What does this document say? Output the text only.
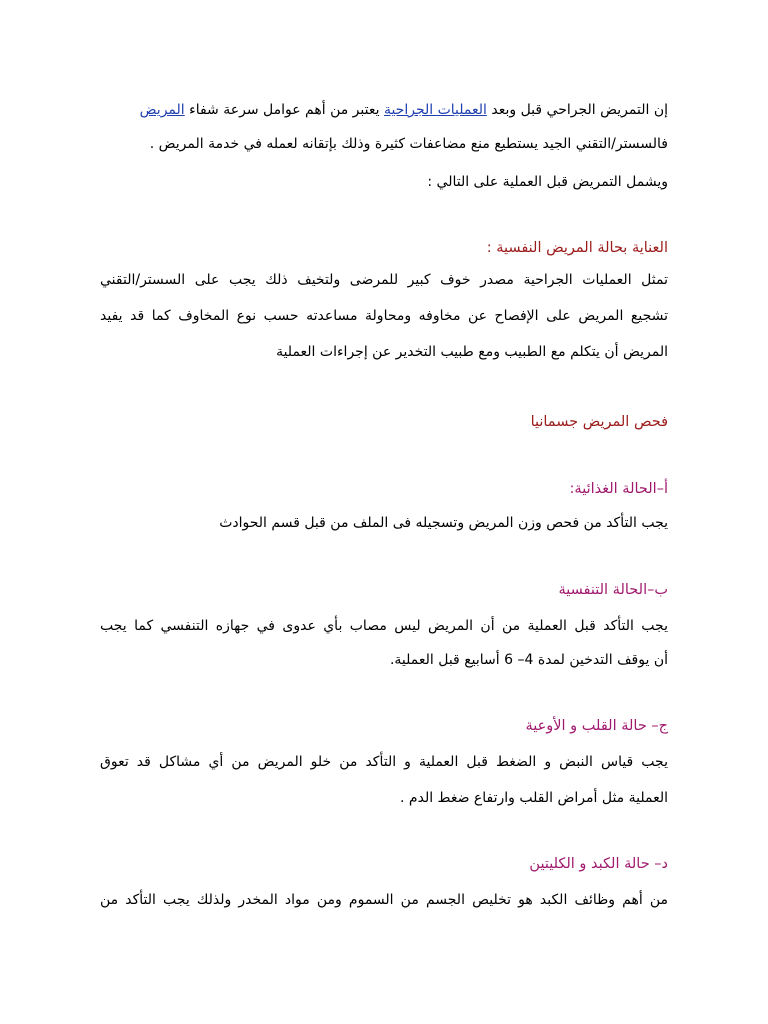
إن التمريض الجراحي قبل وبعد العمليات الجراحية يعتبر من أهم عوامل سرعة شفاء المريض
فالسستر/التقني الجيد يستطيع منع مضاعفات كثيرة وذلك بإتقانه لعمله في خدمة المريض .
ويشمل التمريض قبل العملية على التالي :
العناية بحالة المريض النفسية :
تمثل العمليات الجراحية مصدر خوف كبير للمرضى ولتخيف ذلك يجب على السستر/التقني
تشجيع المريض على الإفصاح عن مخاوفه ومحاولة مساعدته حسب نوع المخاوف كما قد يفيد
المريض أن يتكلم مع الطبيب ومع طبيب التخدير عن إجراءات العملية
فحص المريض جسمانيا
أ–الحالة الغذائية:
يجب التأكد من فحص وزن المريض وتسجيله فى الملف من قبل قسم الحوادث
ب–الحالة التنفسية
يجب التأكد قبل العملية من أن المريض ليس مصاب بأي عدوى في جهازه التنفسي كما يجب
أن يوقف التدخين لمدة 4– 6 أسابيع قبل العملية.
ج– حالة القلب و الأوعية
يجب قياس النبض و الضغط قبل العملية و التأكد من خلو المريض من أي مشاكل قد تعوق
العملية مثل أمراض القلب وارتفاع ضغط الدم .
د– حالة الكبد و الكليتين
من أهم وظائف الكبد هو تخليص الجسم من السموم ومن مواد المخدر ولذلك يجب التأكد من
